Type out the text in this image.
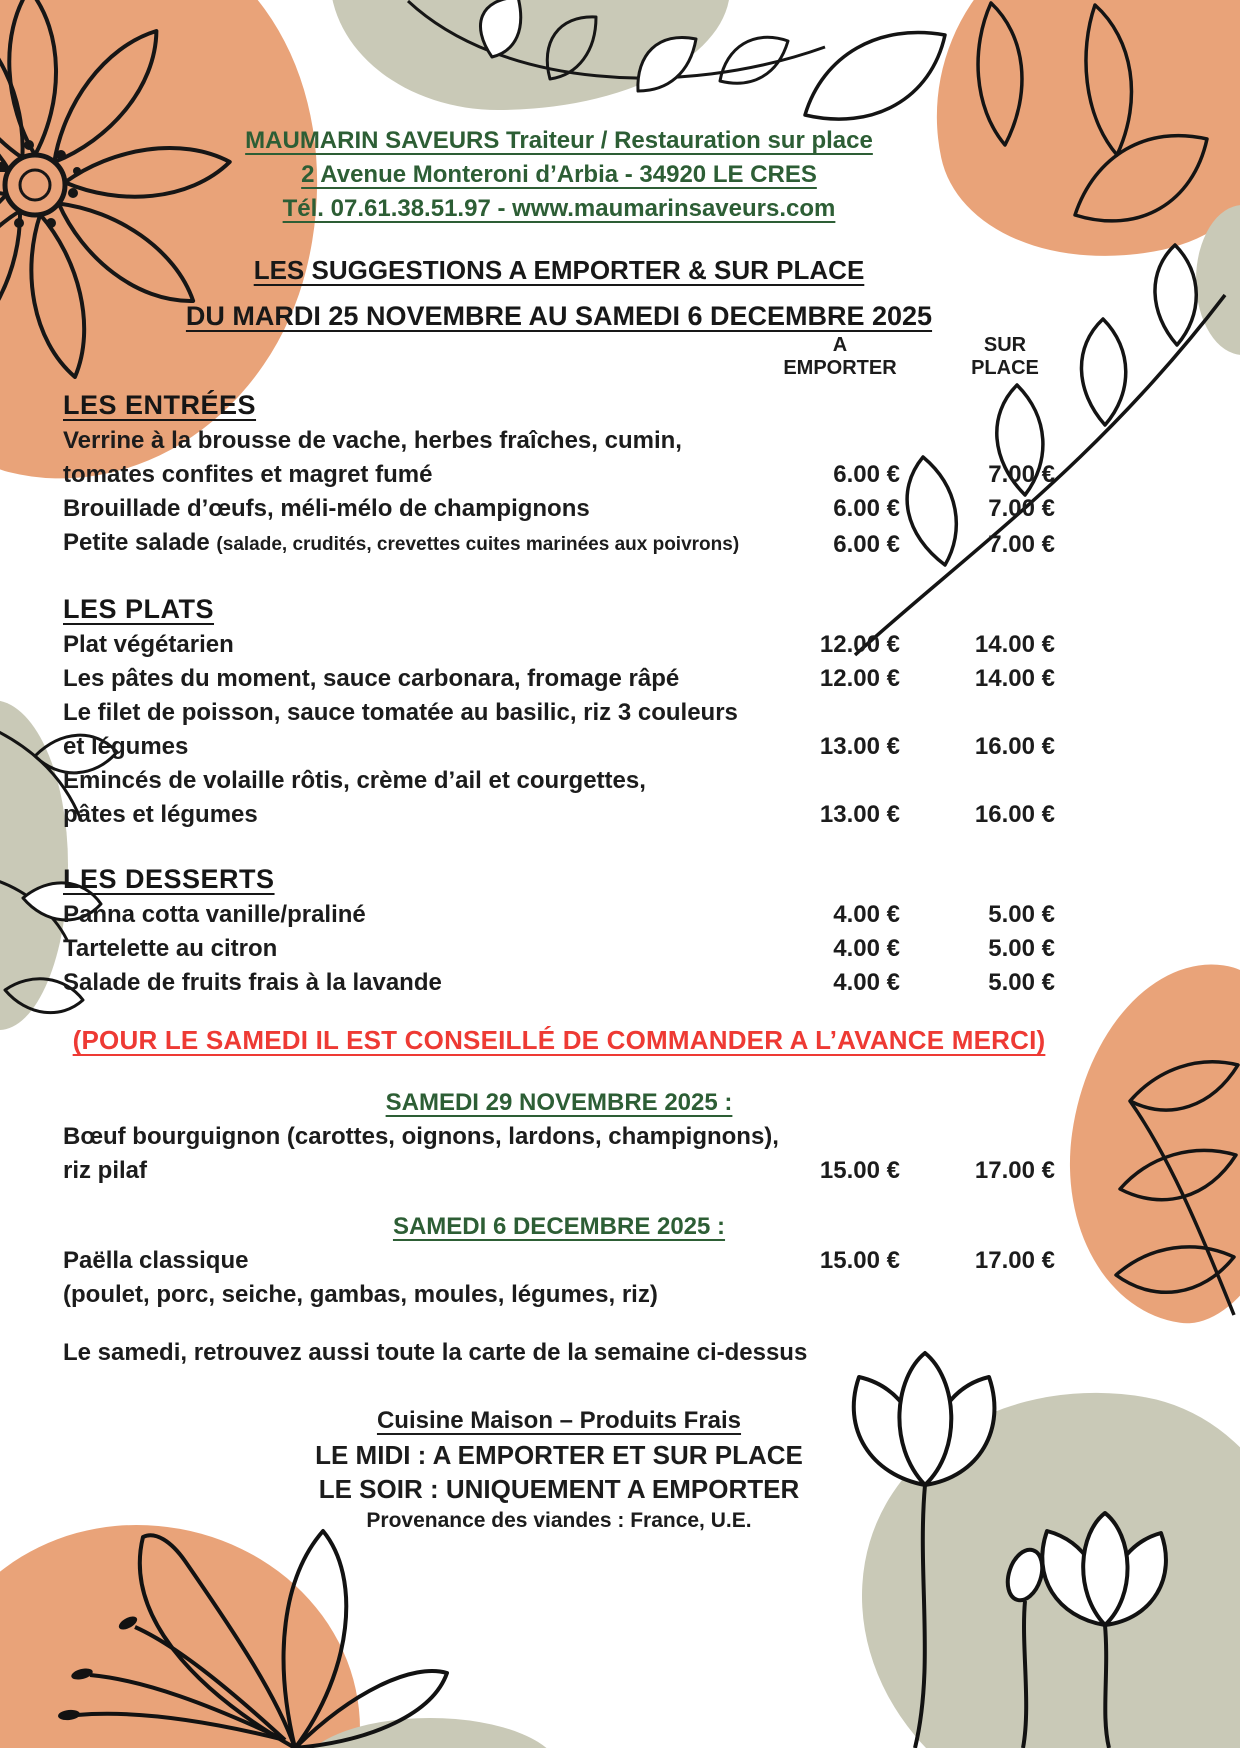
MAUMARIN SAVEURS Traiteur / Restauration sur place
2 Avenue Monteroni d’Arbia - 34920 LE CRES
Tél. 07.61.38.51.97 - www.maumarinsaveurs.com
LES SUGGESTIONS A EMPORTER & SUR PLACE
DU MARDI 25 NOVEMBRE AU SAMEDI 6 DECEMBRE 2025
A
EMPORTER
SUR
PLACE
LES ENTRÉES
Verrine à la brousse de vache, herbes fraîches, cumin,
tomates confites et magret fumé	6.00 €	7.00 €
Brouillade d’œufs, méli-mélo de champignons	6.00 €	7.00 €
Petite salade (salade, crudités, crevettes cuites marinées aux poivrons)	6.00 €	7.00 €
LES PLATS
Plat végétarien	12.00 €	14.00 €
Les pâtes du moment, sauce carbonara, fromage râpé	12.00 €	14.00 €
Le filet de poisson, sauce tomatée au basilic, riz 3 couleurs
et légumes	13.00 €	16.00 €
Emincés de volaille rôtis, crème d’ail et courgettes,
pâtes et légumes	13.00 €	16.00 €
LES DESSERTS
Panna cotta vanille/praliné	4.00 €	5.00 €
Tartelette au citron	4.00 €	5.00 €
Salade de fruits frais à la lavande	4.00 €	5.00 €
(POUR LE SAMEDI IL EST CONSEILLÉ DE COMMANDER A L’AVANCE MERCI)
SAMEDI 29 NOVEMBRE 2025 :
Bœuf bourguignon (carottes, oignons, lardons, champignons),
riz pilaf	15.00 €	17.00 €
SAMEDI 6 DECEMBRE 2025 :
Paëlla classique	15.00 €	17.00 €
(poulet, porc, seiche, gambas, moules, légumes, riz)
Le samedi, retrouvez aussi toute la carte de la semaine ci-dessus
Cuisine Maison – Produits Frais
LE MIDI : A EMPORTER ET SUR PLACE
LE SOIR : UNIQUEMENT A EMPORTER
Provenance des viandes : France, U.E.
